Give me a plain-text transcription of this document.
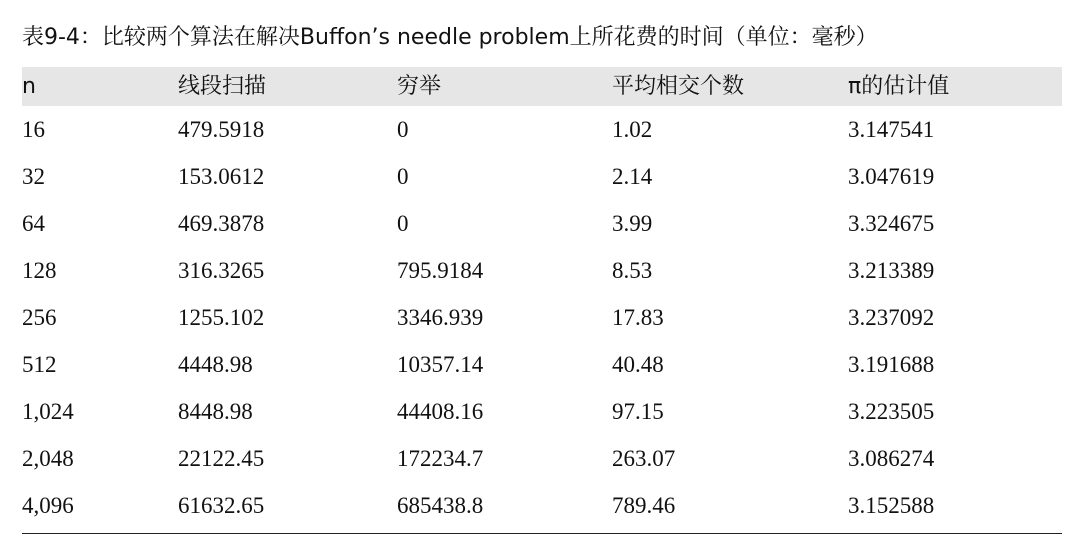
表9-4：比较两个算法在解决Buffon’s needle problem上所花费的时间（单位：毫秒）
n	线段扫描	穷举	平均相交个数	π的估计值
16	479.5918	0	1.02	3.147541
32	153.0612	0	2.14	3.047619
64	469.3878	0	3.99	3.324675
128	316.3265	795.9184	8.53	3.213389
256	1255.102	3346.939	17.83	3.237092
512	4448.98	10357.14	40.48	3.191688
1,024	8448.98	44408.16	97.15	3.223505
2,048	22122.45	172234.7	263.07	3.086274
4,096	61632.65	685438.8	789.46	3.152588
